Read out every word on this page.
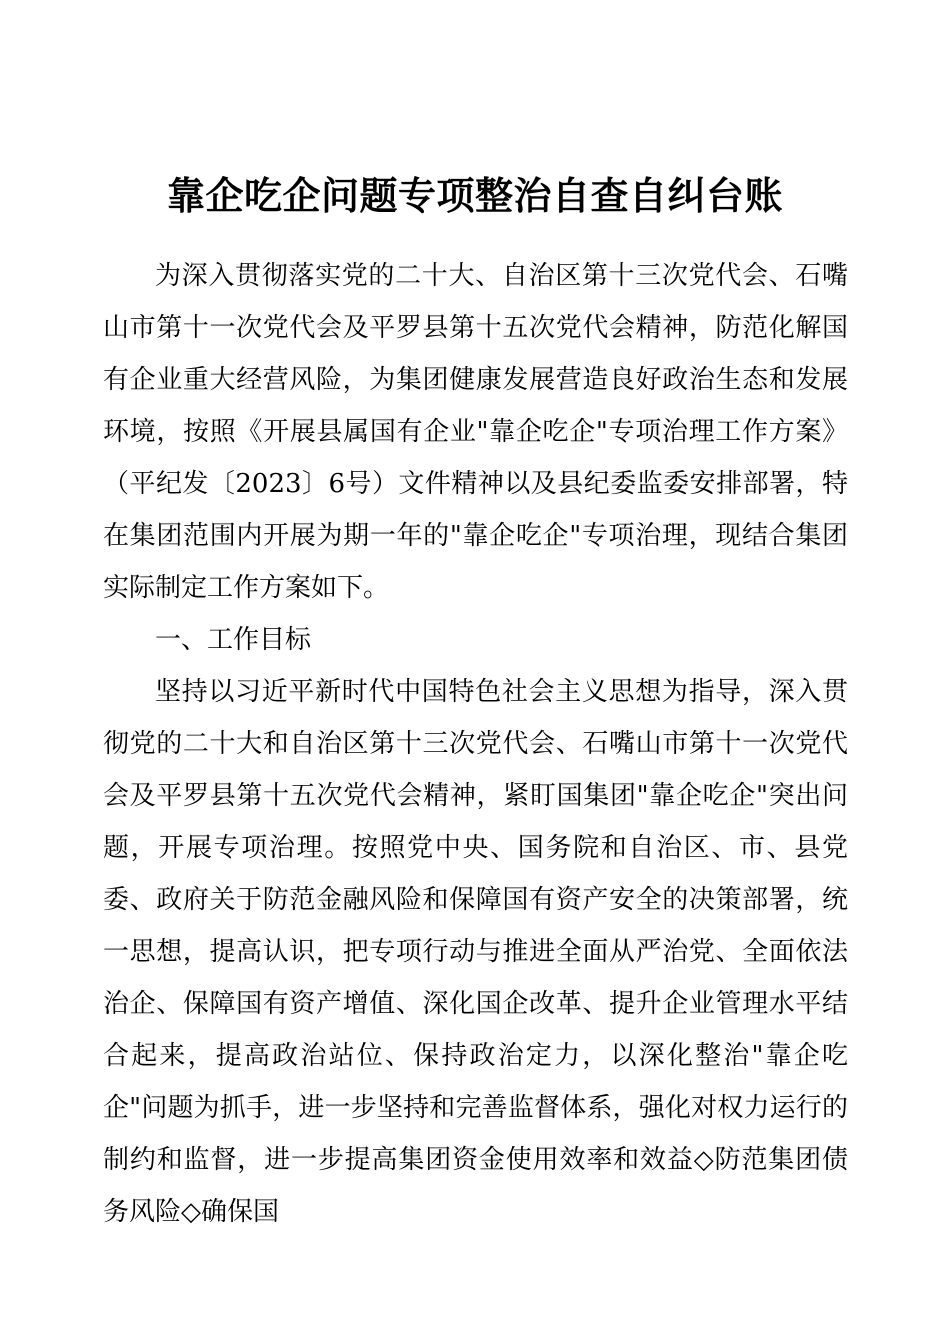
靠企吃企问题专项整治自查自纠台账

为深入贯彻落实党的二十大、自治区第十三次党代会、石嘴山市第十一次党代会及平罗县第十五次党代会精神，防范化解国有企业重大经营风险，为集团健康发展营造良好政治生态和发展环境，按照《开展县属国有企业"靠企吃企"专项治理工作方案》（平纪发〔2023〕6号）文件精神以及县纪委监委安排部署，特在集团范围内开展为期一年的"靠企吃企"专项治理，现结合集团实际制定工作方案如下。

一、工作目标

坚持以习近平新时代中国特色社会主义思想为指导，深入贯彻党的二十大和自治区第十三次党代会、石嘴山市第十一次党代会及平罗县第十五次党代会精神，紧盯国集团"靠企吃企"突出问题，开展专项治理。按照党中央、国务院和自治区、市、县党委、政府关于防范金融风险和保障国有资产安全的决策部署，统一思想，提高认识，把专项行动与推进全面从严治党、全面依法治企、保障国有资产增值、深化国企改革、提升企业管理水平结合起来，提高政治站位、保持政治定力，以深化整治"靠企吃企"问题为抓手，进一步坚持和完善监督体系，强化对权力运行的制约和监督，进一步提高集团资金使用效率和效益◇防范集团债务风险◇确保国
